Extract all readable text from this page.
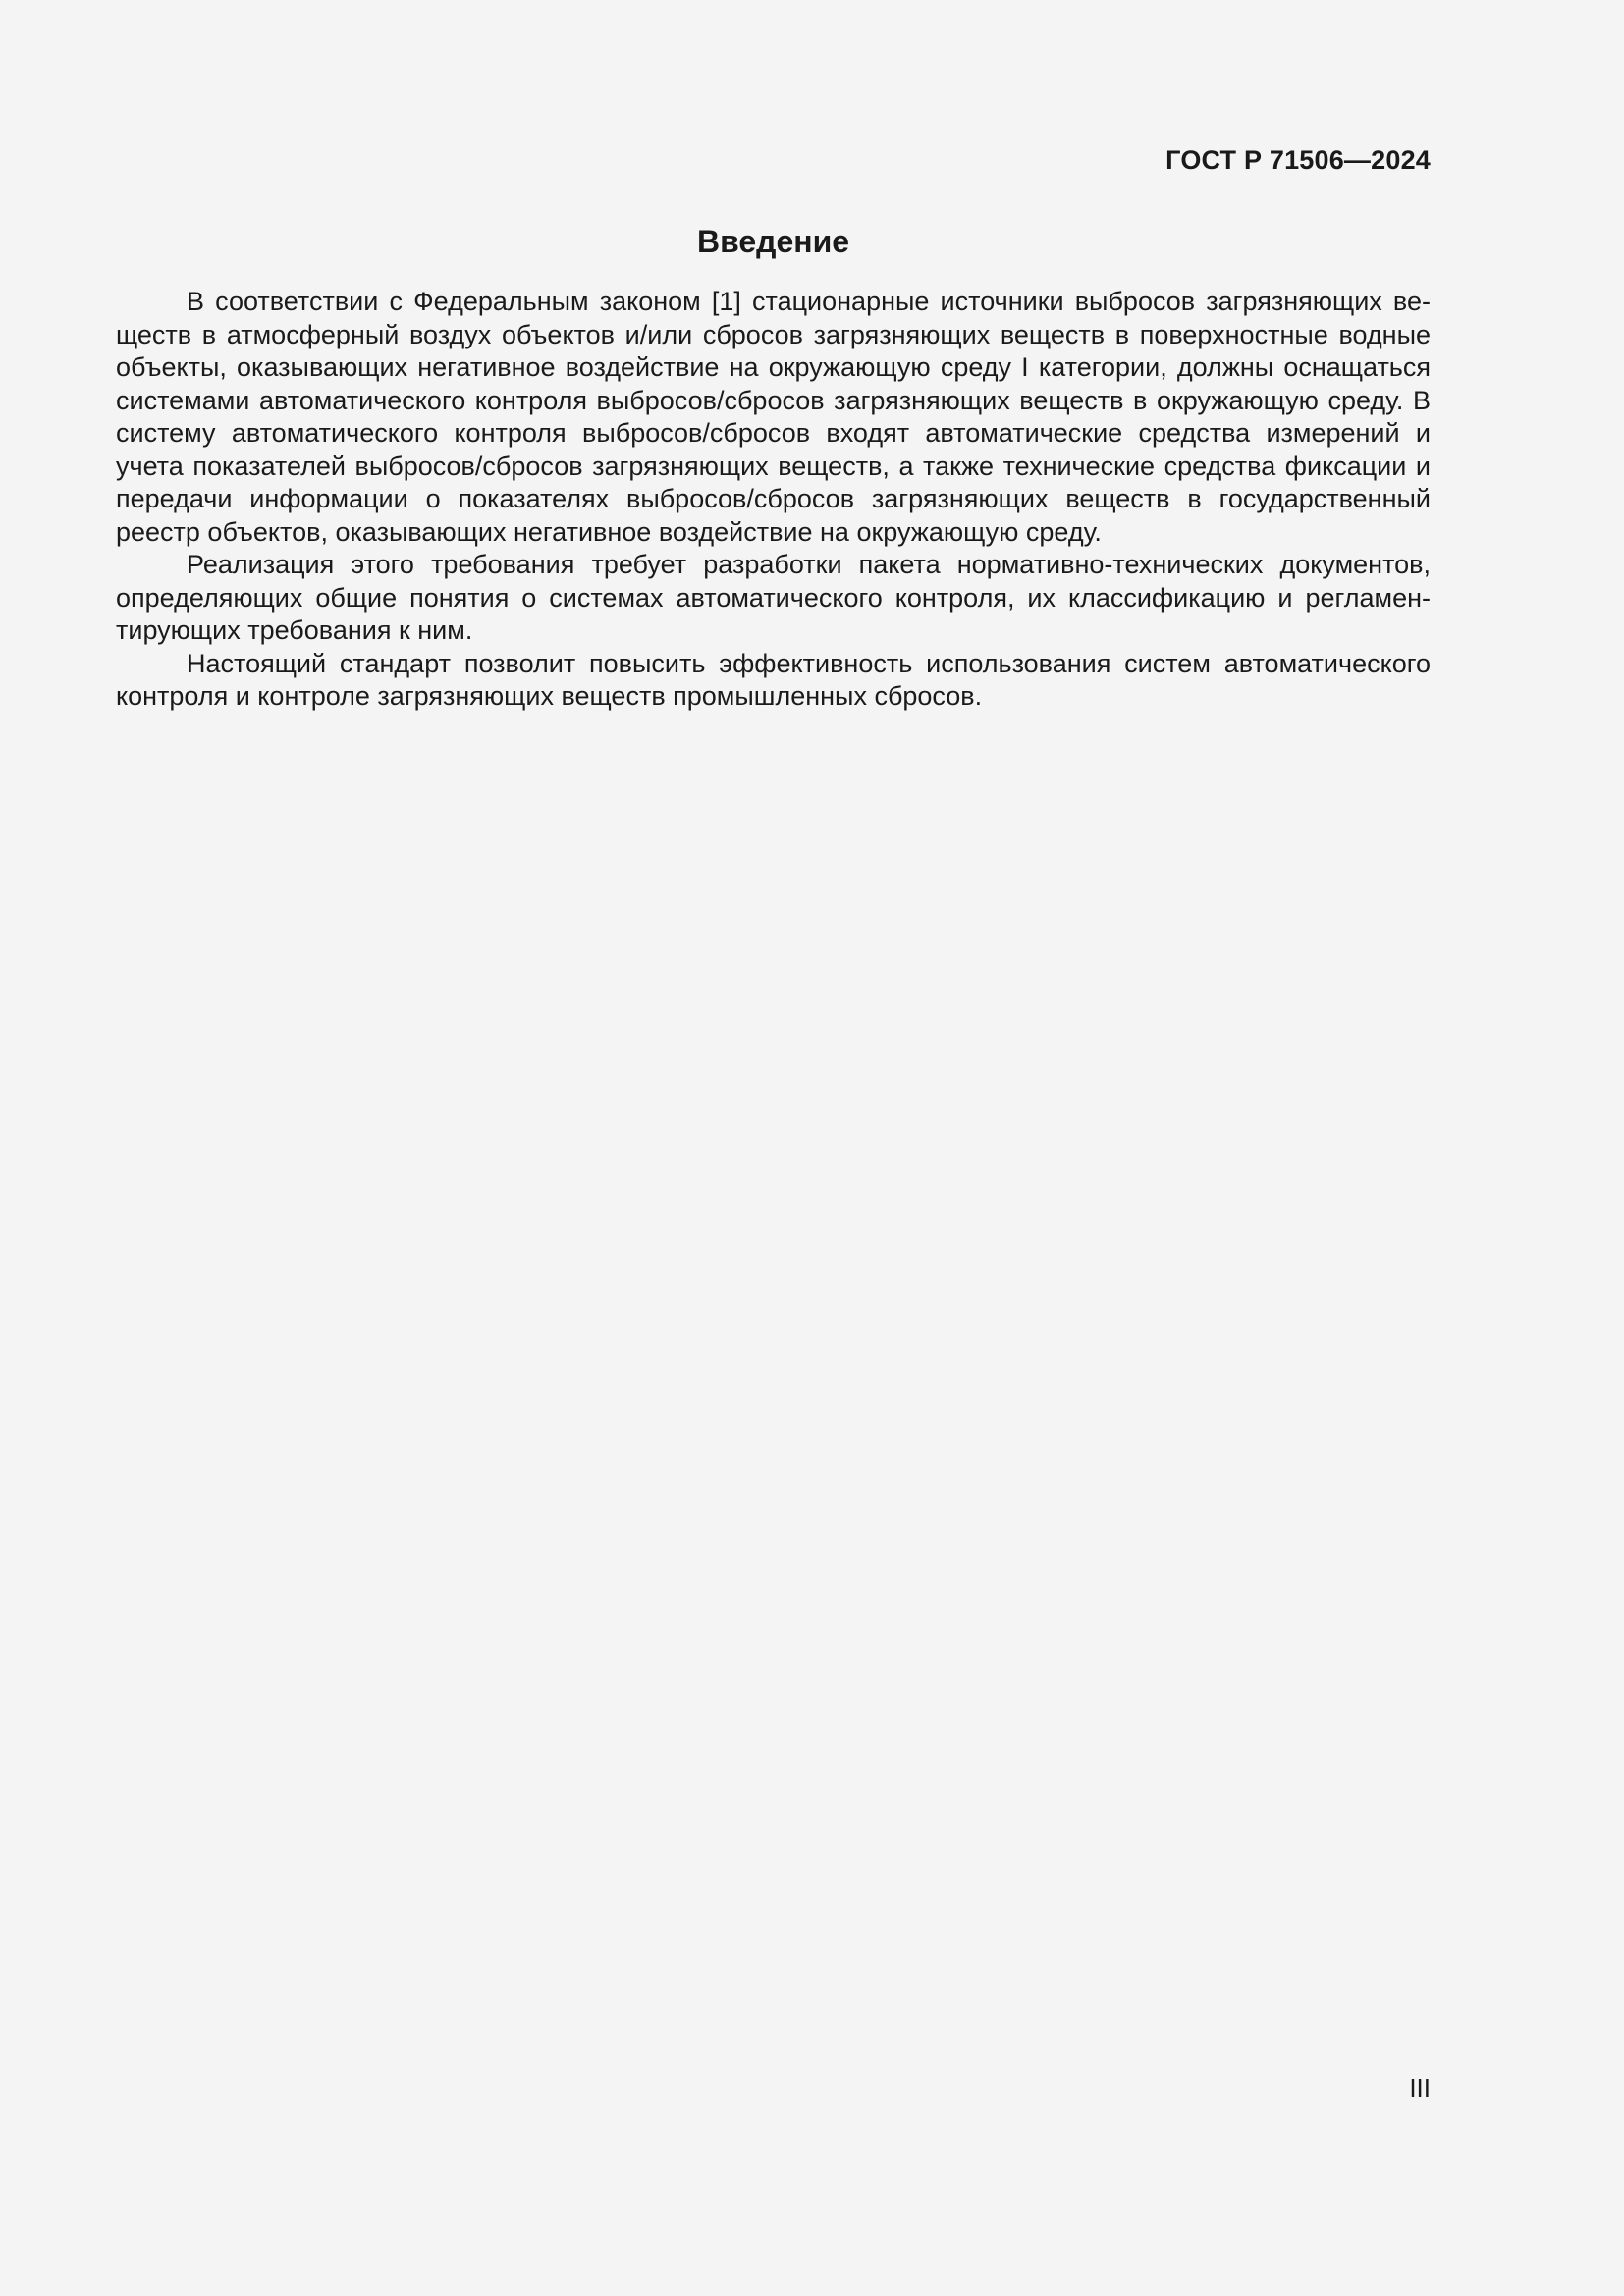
ГОСТ Р 71506—2024
Введение

В соответствии с Федеральным законом [1] стационарные источники выбросов загрязняющих веществ в атмосферный воздух объектов и/или сбросов загрязняющих веществ в поверхностные водные объекты, оказывающих негативное воздействие на окружающую среду I категории, должны оснащаться системами автоматического контроля выбросов/сбросов загрязняющих веществ в окружающую среду. В систему автоматического контроля выбросов/сбросов входят автоматические средства измерений и учета показателей выбросов/сбросов загрязняющих веществ, а также технические средства фиксации и передачи информации о показателях выбросов/сбросов загрязняющих веществ в государственный реестр объектов, оказывающих негативное воздействие на окружающую среду.

Реализация этого требования требует разработки пакета нормативно-технических документов, определяющих общие понятия о системах автоматического контроля, их классификацию и регламентирующих требования к ним.

Настоящий стандарт позволит повысить эффективность использования систем автоматического контроля и контроле загрязняющих веществ промышленных сбросов.

III
